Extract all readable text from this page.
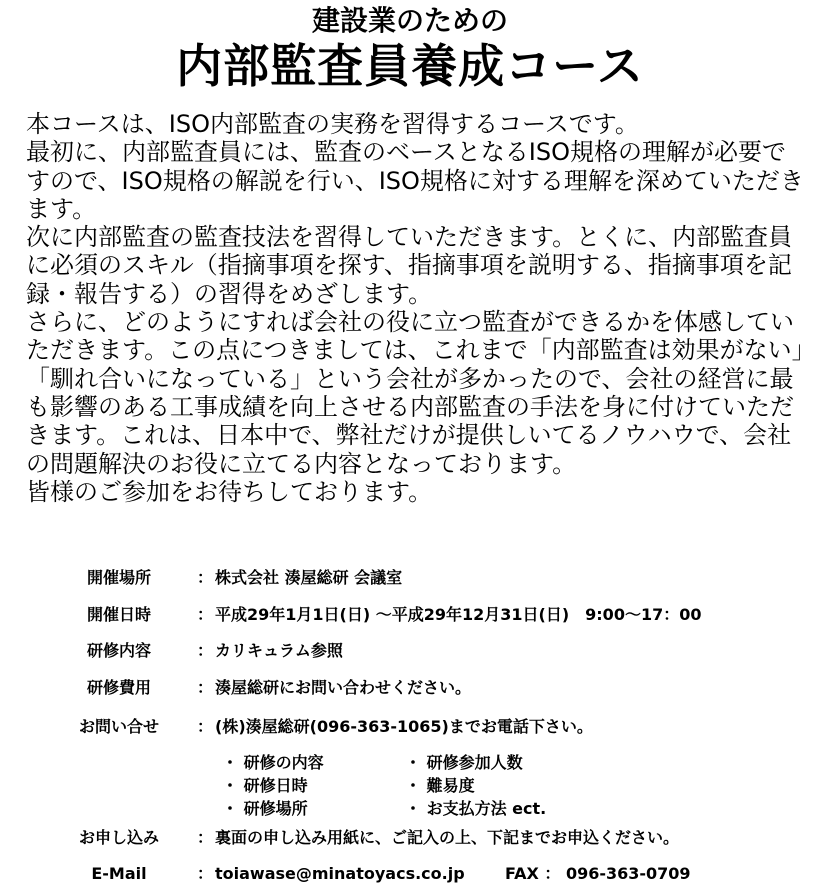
建設業のための
内部監査員養成コース

本コースは、ISO内部監査の実務を習得するコースです。

最初に、内部監査員には、監査のベースとなるISO規格の理解が必要ですので、ISO規格の解説を行い、ISO規格に対する理解を深めていただきます。

次に内部監査の監査技法を習得していただきます。とくに、内部監査員に必須のスキル（指摘事項を探す、指摘事項を説明する、指摘事項を記録・報告する）の習得をめざします。

さらに、どのようにすれば会社の役に立つ監査ができるかを体感していただきます。この点につきましては、これまで「内部監査は効果がない」「馴れ合いになっている」という会社が多かったので、会社の経営に最も影響のある工事成績を向上させる内部監査の手法を身に付けていただきます。これは、日本中で、弊社だけが提供しいてるノウハウで、会社の問題解決のお役に立てる内容となっております。

皆様のご参加をお待ちしております。

開催場所	： 株式会社 湊屋総研 会議室
開催日時	： 平成29年1月1日(日) ～平成29年12月31日(日)　9:00～17：00
研修内容	： カリキュラム参照
研修費用	： 湊屋総研にお問い合わせください。
お問い合せ	： (株)湊屋総研(096-363-1065)までお電話下さい。
・ 研修の内容
・ 研修日時
・ 研修場所
・ 研修参加人数
・ 難易度
・ お支払方法 ect.
お申し込み	： 裏面の申し込み用紙に、ご記入の上、下記までお申込ください。
E-Mail	： toiawase@minatoyacs.co.jp	FAX ： 096-363-0709
